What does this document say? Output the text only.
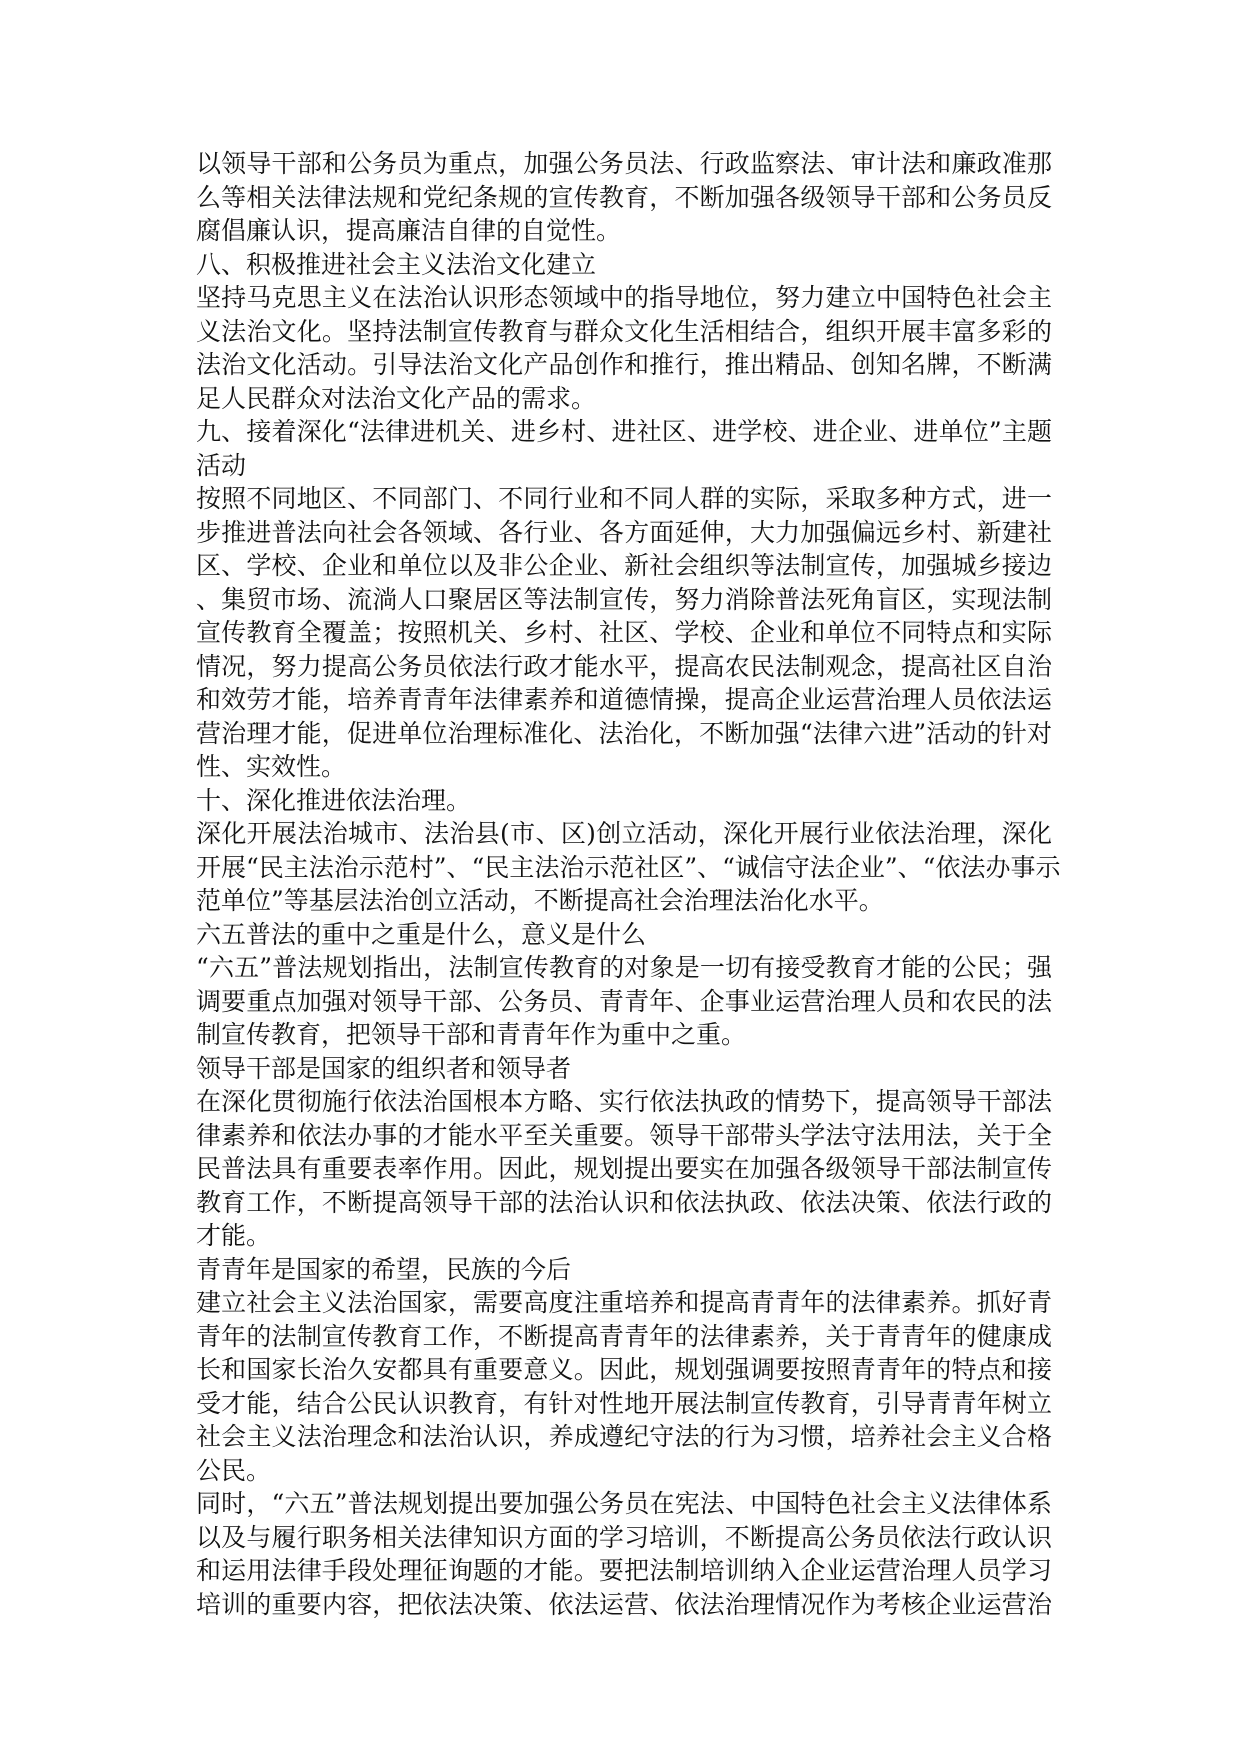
以领导干部和公务员为重点，加强公务员法、行政监察法、审计法和廉政准那
么等相关法律法规和党纪条规的宣传教育，不断加强各级领导干部和公务员反
腐倡廉认识，提高廉洁自律的自觉性。
八、积极推进社会主义法治文化建立
坚持马克思主义在法治认识形态领域中的指导地位，努力建立中国特色社会主
义法治文化。坚持法制宣传教育与群众文化生活相结合，组织开展丰富多彩的
法治文化活动。引导法治文化产品创作和推行，推出精品、创知名牌，不断满
足人民群众对法治文化产品的需求。
九、接着深化“法律进机关、进乡村、进社区、进学校、进企业、进单位”主题
活动
按照不同地区、不同部门、不同行业和不同人群的实际，采取多种方式，进一
步推进普法向社会各领域、各行业、各方面延伸，大力加强偏远乡村、新建社
区、学校、企业和单位以及非公企业、新社会组织等法制宣传，加强城乡接边
、集贸市场、流淌人口聚居区等法制宣传，努力消除普法死角盲区，实现法制
宣传教育全覆盖；按照机关、乡村、社区、学校、企业和单位不同特点和实际
情况，努力提高公务员依法行政才能水平，提高农民法制观念，提高社区自治
和效劳才能，培养青青年法律素养和道德情操，提高企业运营治理人员依法运
营治理才能，促进单位治理标准化、法治化，不断加强“法律六进”活动的针对
性、实效性。
十、深化推进依法治理。
深化开展法治城市、法治县(市、区)创立活动，深化开展行业依法治理，深化
开展“民主法治示范村”、“民主法治示范社区”、“诚信守法企业”、“依法办事示
范单位”等基层法治创立活动，不断提高社会治理法治化水平。
六五普法的重中之重是什么，意义是什么
“六五”普法规划指出，法制宣传教育的对象是一切有接受教育才能的公民；强
调要重点加强对领导干部、公务员、青青年、企事业运营治理人员和农民的法
制宣传教育，把领导干部和青青年作为重中之重。
领导干部是国家的组织者和领导者
在深化贯彻施行依法治国根本方略、实行依法执政的情势下，提高领导干部法
律素养和依法办事的才能水平至关重要。领导干部带头学法守法用法，关于全
民普法具有重要表率作用。因此，规划提出要实在加强各级领导干部法制宣传
教育工作，不断提高领导干部的法治认识和依法执政、依法决策、依法行政的
才能。
青青年是国家的希望，民族的今后
建立社会主义法治国家，需要高度注重培养和提高青青年的法律素养。抓好青
青年的法制宣传教育工作，不断提高青青年的法律素养，关于青青年的健康成
长和国家长治久安都具有重要意义。因此，规划强调要按照青青年的特点和接
受才能，结合公民认识教育，有针对性地开展法制宣传教育，引导青青年树立
社会主义法治理念和法治认识，养成遵纪守法的行为习惯，培养社会主义合格
公民。
同时，“六五”普法规划提出要加强公务员在宪法、中国特色社会主义法律体系
以及与履行职务相关法律知识方面的学习培训，不断提高公务员依法行政认识
和运用法律手段处理征询题的才能。要把法制培训纳入企业运营治理人员学习
培训的重要内容，把依法决策、依法运营、依法治理情况作为考核企业运营治
